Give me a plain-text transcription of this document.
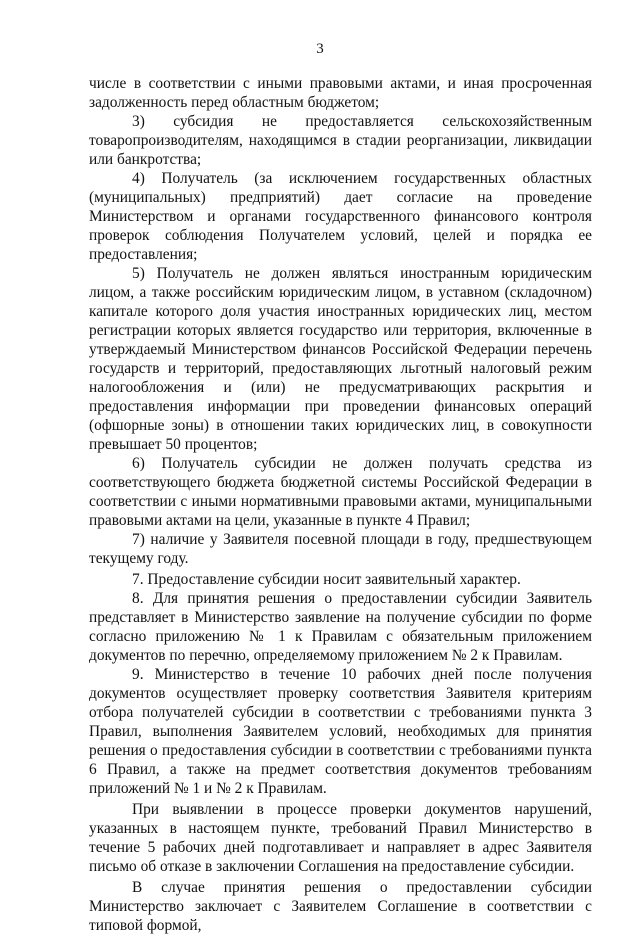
3

числе в соответствии с иными правовыми актами, и иная просроченная задолженность перед областным бюджетом;

3) субсидия не предоставляется сельскохозяйственным товаропроизводителям, находящимся в стадии реорганизации, ликвидации или банкротства;

4) Получатель (за исключением государственных областных (муниципальных) предприятий) дает согласие на проведение Министерством и органами государственного финансового контроля проверок соблюдения Получателем условий, целей и порядка ее предоставления;

5) Получатель не должен являться иностранным юридическим лицом, а также российским юридическим лицом, в уставном (складочном) капитале которого доля участия иностранных юридических лиц, местом регистрации которых является государство или территория, включенные в утверждаемый Министерством финансов Российской Федерации перечень государств и территорий, предоставляющих льготный налоговый режим налогообложения и (или) не предусматривающих раскрытия и предоставления информации при проведении финансовых операций (офшорные зоны) в отношении таких юридических лиц, в совокупности превышает 50 процентов;

6) Получатель субсидии не должен получать средства из соответствующего бюджета бюджетной системы Российской Федерации в соответствии с иными нормативными правовыми актами, муниципальными правовыми актами на цели, указанные в пункте 4 Правил;

7) наличие у Заявителя посевной площади в году, предшествующем текущему году.

7. Предоставление субсидии носит заявительный характер.

8. Для принятия решения о предоставлении субсидии Заявитель представляет в Министерство заявление на получение субсидии по форме согласно приложению № 1 к Правилам с обязательным приложением документов по перечню, определяемому приложением № 2 к Правилам.

9. Министерство в течение 10 рабочих дней после получения документов осуществляет проверку соответствия Заявителя критериям отбора получателей субсидии в соответствии с требованиями пункта 3 Правил, выполнения Заявителем условий, необходимых для принятия решения о предоставления субсидии в соответствии с требованиями пункта 6 Правил, а также на предмет соответствия документов требованиям приложений № 1 и № 2 к Правилам.

При выявлении в процессе проверки документов нарушений, указанных в настоящем пункте, требований Правил Министерство в течение 5 рабочих дней подготавливает и направляет в адрес Заявителя письмо об отказе в заключении Соглашения на предоставление субсидии.

В случае принятия решения о предоставлении субсидии Министерство заключает с Заявителем Соглашение в соответствии с типовой формой,
